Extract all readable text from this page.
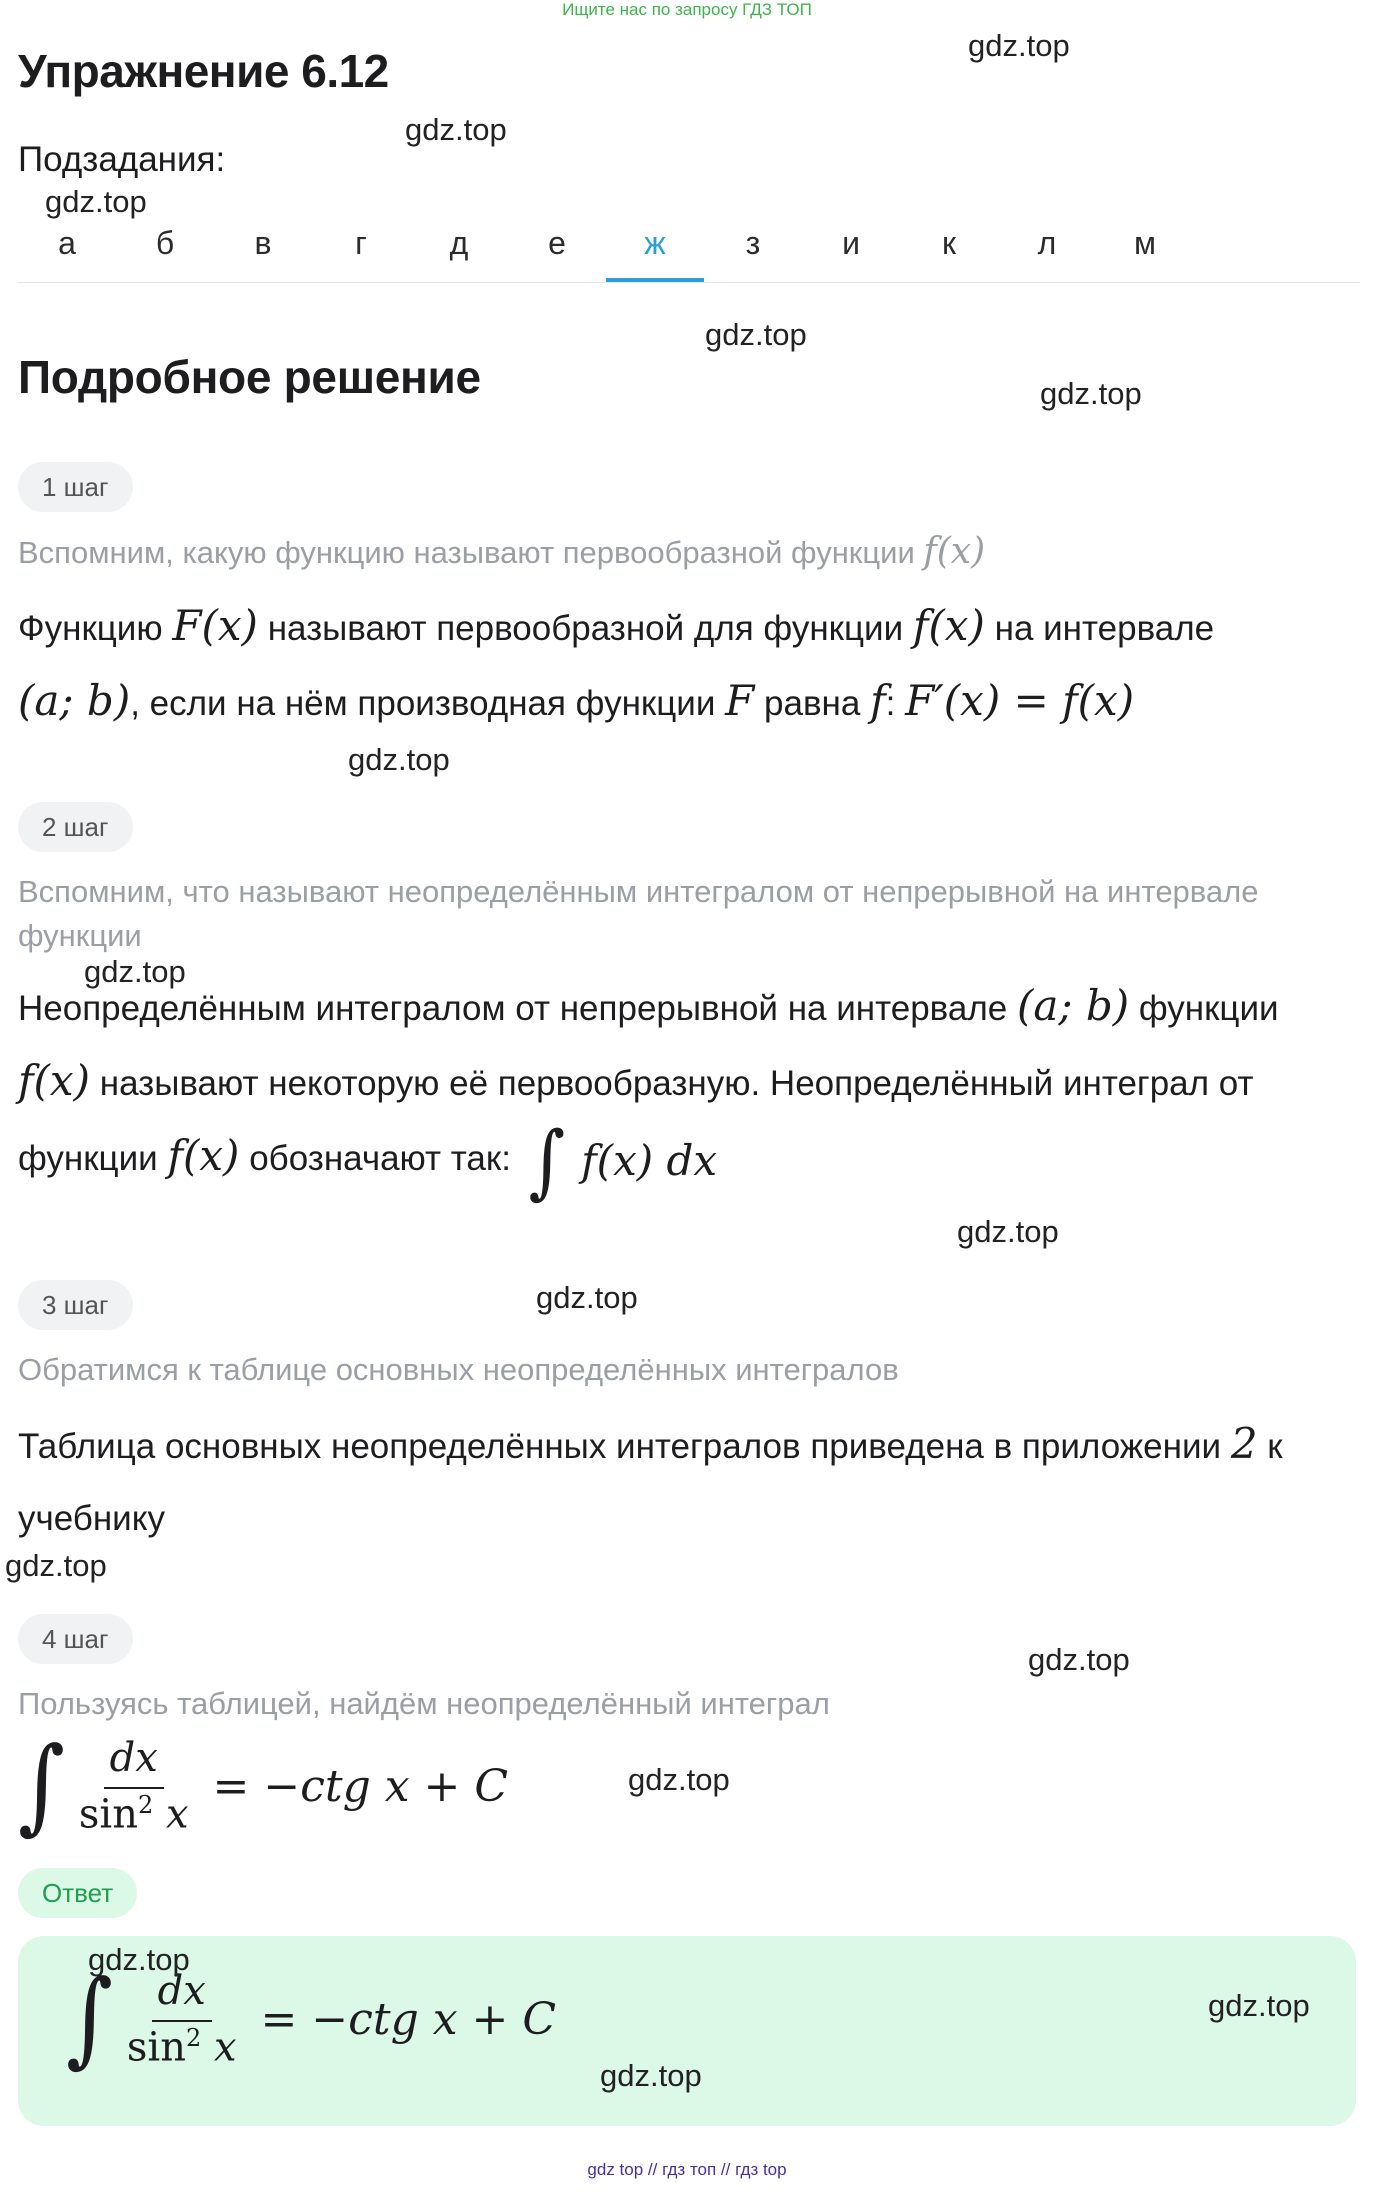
Ищите нас по запросу ГДЗ ТОП
Упражнение 6.12
Подзадания:
а	б	в	г	д	е	ж	з	и	к	л	м
Подробное решение
1 шаг
Вспомним, какую функцию называют первообразной функции f(x)
Функцию F(x) называют первообразной для функции f(x) на интервале
(a; b), если на нём производная функции F равна f: F′(x) = f(x)
2 шаг
Вспомним, что называют неопределённым интегралом от непрерывной на интервале функции
Неопределённым интегралом от непрерывной на интервале (a; b) функции
f(x) называют некоторую её первообразную. Неопределённый интеграл от
функции f(x) обозначают так: ∫ f(x) dx
3 шаг
Обратимся к таблице основных неопределённых интегралов
Таблица основных неопределённых интегралов приведена в приложении 2 к
учебнику
4 шаг
Пользуясь таблицей, найдём неопределённый интеграл
∫ $\frac{dx}{\sin^2 x} = -ctg$ x + C
Ответ
∫ $\frac{dx}{\sin^2 x} = -ctg$ x + C
gdz.top
gdz.top
gdz.top
gdz.top
gdz.top
gdz.top
gdz.top
gdz.top
gdz.top
gdz.top
gdz.top
gdz.top
gdz.top
gdz.top
gdz.top
gdz top // гдз топ // гдз top
